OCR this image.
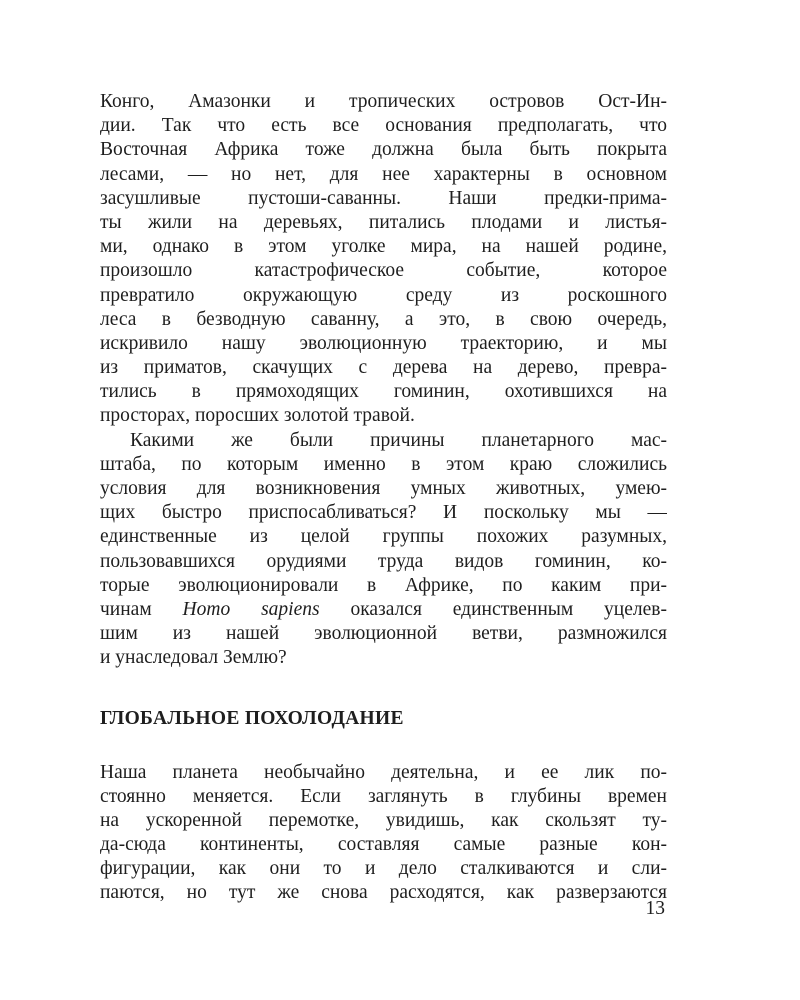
Конго, Амазонки и тропических островов Ост-Ин-
дии. Так что есть все основания предполагать, что
Восточная Африка тоже должна была быть покрыта
лесами, — но нет, для нее характерны в основном
засушливые пустоши-саванны. Наши предки-прима-
ты жили на деревьях, питались плодами и листья-
ми, однако в этом уголке мира, на нашей родине,
произошло катастрофическое событие, которое
превратило окружающую среду из роскошного
леса в безводную саванну, а это, в свою очередь,
искривило нашу эволюционную траекторию, и мы
из приматов, скачущих с дерева на дерево, превра-
тились в прямоходящих гоминин, охотившихся на
просторах, поросших золотой травой.
Какими же были причины планетарного мас-
штаба, по которым именно в этом краю сложились
условия для возникновения умных животных, умею-
щих быстро приспосабливаться? И поскольку мы —
единственные из целой группы похожих разумных,
пользовавшихся орудиями труда видов гоминин, ко-
торые эволюционировали в Африке, по каким при-
чинам Homo sapiens оказался единственным уцелев-
шим из нашей эволюционной ветви, размножился
и унаследовал Землю?
ГЛОБАЛЬНОЕ ПОХОЛОДАНИЕ
Наша планета необычайно деятельна, и ее лик по-
стоянно меняется. Если заглянуть в глубины времен
на ускоренной перемотке, увидишь, как скользят ту-
да-сюда континенты, составляя самые разные кон-
фигурации, как они то и дело сталкиваются и сли-
паются, но тут же снова расходятся, как разверзаются
13
